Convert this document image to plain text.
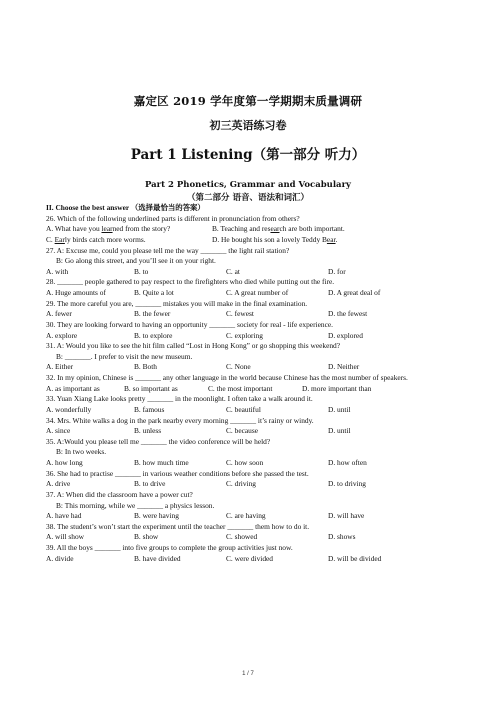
嘉定区 2019 学年度第一学期期末质量调研
初三英语练习卷
Part 1 Listening（第一部分 听力）
Part 2 Phonetics, Grammar and Vocabulary
（第二部分 语音、语法和词汇）
II. Choose the best answer （选择最恰当的答案）
26. Which of the following underlined parts is different in pronunciation from others?
A. What have you learned from the story?	B. Teaching and research are both important.
C. Early birds catch more worms.	D. He bought his son a lovely Teddy Bear.
27. A: Excuse me, could you please tell me the way _______ the light rail station?
B: Go along this street, and you’ll see it on your right.
A. with	B. to	C. at	D. for
28. _______ people gathered to pay respect to the firefighters who died while putting out the fire.
A. Huge amounts of	B. Quite a lot	C. A great number of	D. A great deal of
29. The more careful you are, _______ mistakes you will make in the final examination.
A. fewer	B. the fewer	C. fewest	D. the fewest
30. They are looking forward to having an opportunity _______ society for real - life experience.
A. explore	B. to explore	C. exploring	D. explored
31. A: Would you like to see the hit film called “Lost in Hong Kong” or go shopping this weekend?
B: _______. I prefer to visit the new museum.
A. Either	B. Both	C. None	D. Neither
32. In my opinion, Chinese is _______ any other language in the world because Chinese has the most number of speakers.
A. as important as	B. so important as	C. the most important	D. more important than
33. Yuan Xiang Lake looks pretty _______ in the moonlight. I often take a walk around it.
A. wonderfully	B. famous	C. beautiful	D. until
34. Mrs. White walks a dog in the park nearby every morning _______ it’s rainy or windy.
A. since	B. unless	C. because	D. until
35. A:Would you please tell me _______ the video conference will be held?
B: In two weeks.
A. how long	B. how much time	C. how soon	D. how often
36. She had to practise _______ in various weather conditions before she passed the test.
A. drive	B. to drive	C. driving	D. to driving
37. A: When did the classroom have a power cut?
B: This morning, while we _______ a physics lesson.
A. have had	B. were having	C. are having	D. will have
38. The student’s won’t start the experiment until the teacher _______ them how to do it.
A. will show	B. show	C. showed	D. shows
39. All the boys _______ into five groups to complete the group activities just now.
A. divide	B. have divided	C. were divided	D. will be divided
1 / 7
